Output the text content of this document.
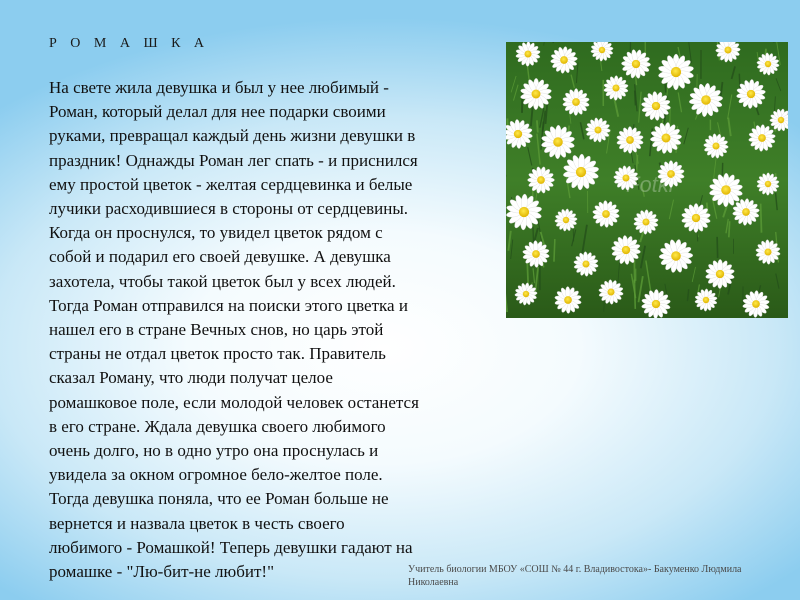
Р О М А Ш К А

На свете жила девушка и был у нее любимый -
Роман, который делал для нее подарки своими
руками, превращал каждый день жизни девушки в
праздник! Однажды Роман лег спать - и приснился
ему простой цветок - желтая сердцевинка и белые
лучики расходившиеся в стороны от сердцевины.
Когда он проснулся, то увидел цветок рядом с
собой и подарил его своей девушке. А девушка
захотела, чтобы такой цветок был у всех людей.
Тогда Роман отправился на поиски этого цветка и
нашел его в стране Вечных снов, но царь этой
страны не отдал цветок просто так. Правитель
сказал Роману, что люди получат целое
ромашковое поле, если молодой человек останется
в его стране. Ждала девушка своего любимого
очень долго, но в одно утро она проснулась и
увидела за окном огромное бело-желтое поле.
Тогда девушка поняла, что ее Роман больше не
вернется и назвала цветок в честь своего
любимого - Ромашкой! Теперь девушки гадают на
ромашке - "Лю-бит-не любит!"

Fotki
Учитель биологии МБОУ «СОШ № 44 г. Владивостока»- Бакуменко Людмила
Николаевна
